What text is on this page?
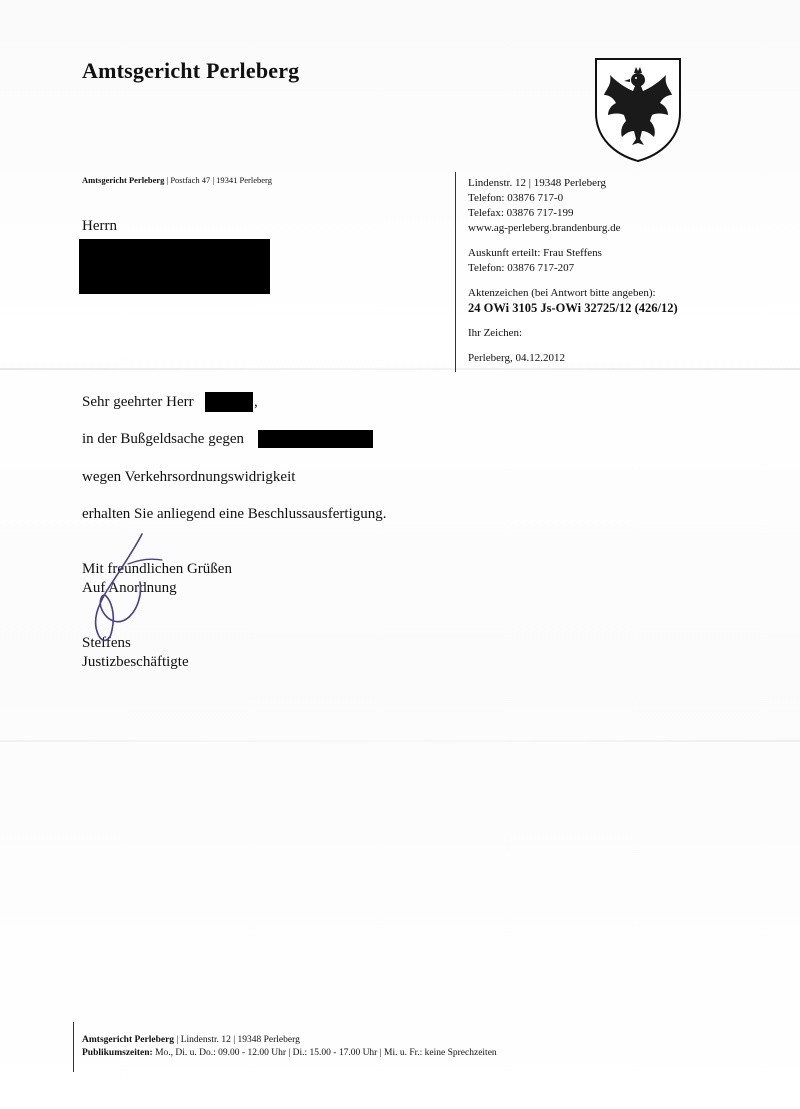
Amtsgericht Perleberg
Amtsgericht Perleberg | Postfach 47 | 19341 Perleberg	Lindenstr. 12 | 19348 Perleberg
Telefon: 03876 717-0
Telefax: 03876 717-199
www.ag-perleberg.brandenburg.de
Auskunft erteilt: Frau Steffens
Telefon: 03876 717-207
Aktenzeichen (bei Antwort bitte angeben):
24 OWi 3105 Js-OWi 32725/12 (426/12)
Ihr Zeichen:
Perleberg, 04.12.2012
Herrn
Sehr geehrter Herr	,
in der Bußgeldsache gegen
wegen Verkehrsordnungswidrigkeit
erhalten Sie anliegend eine Beschlussausfertigung.
Mit freundlichen Grüßen
Auf Anordnung
Steffens
Justizbeschäftigte
Amtsgericht Perleberg | Lindenstr. 12 | 19348 Perleberg
Publikumszeiten: Mo., Di. u. Do.: 09.00 - 12.00 Uhr | Di.: 15.00 - 17.00 Uhr | Mi. u. Fr.: keine Sprechzeiten
